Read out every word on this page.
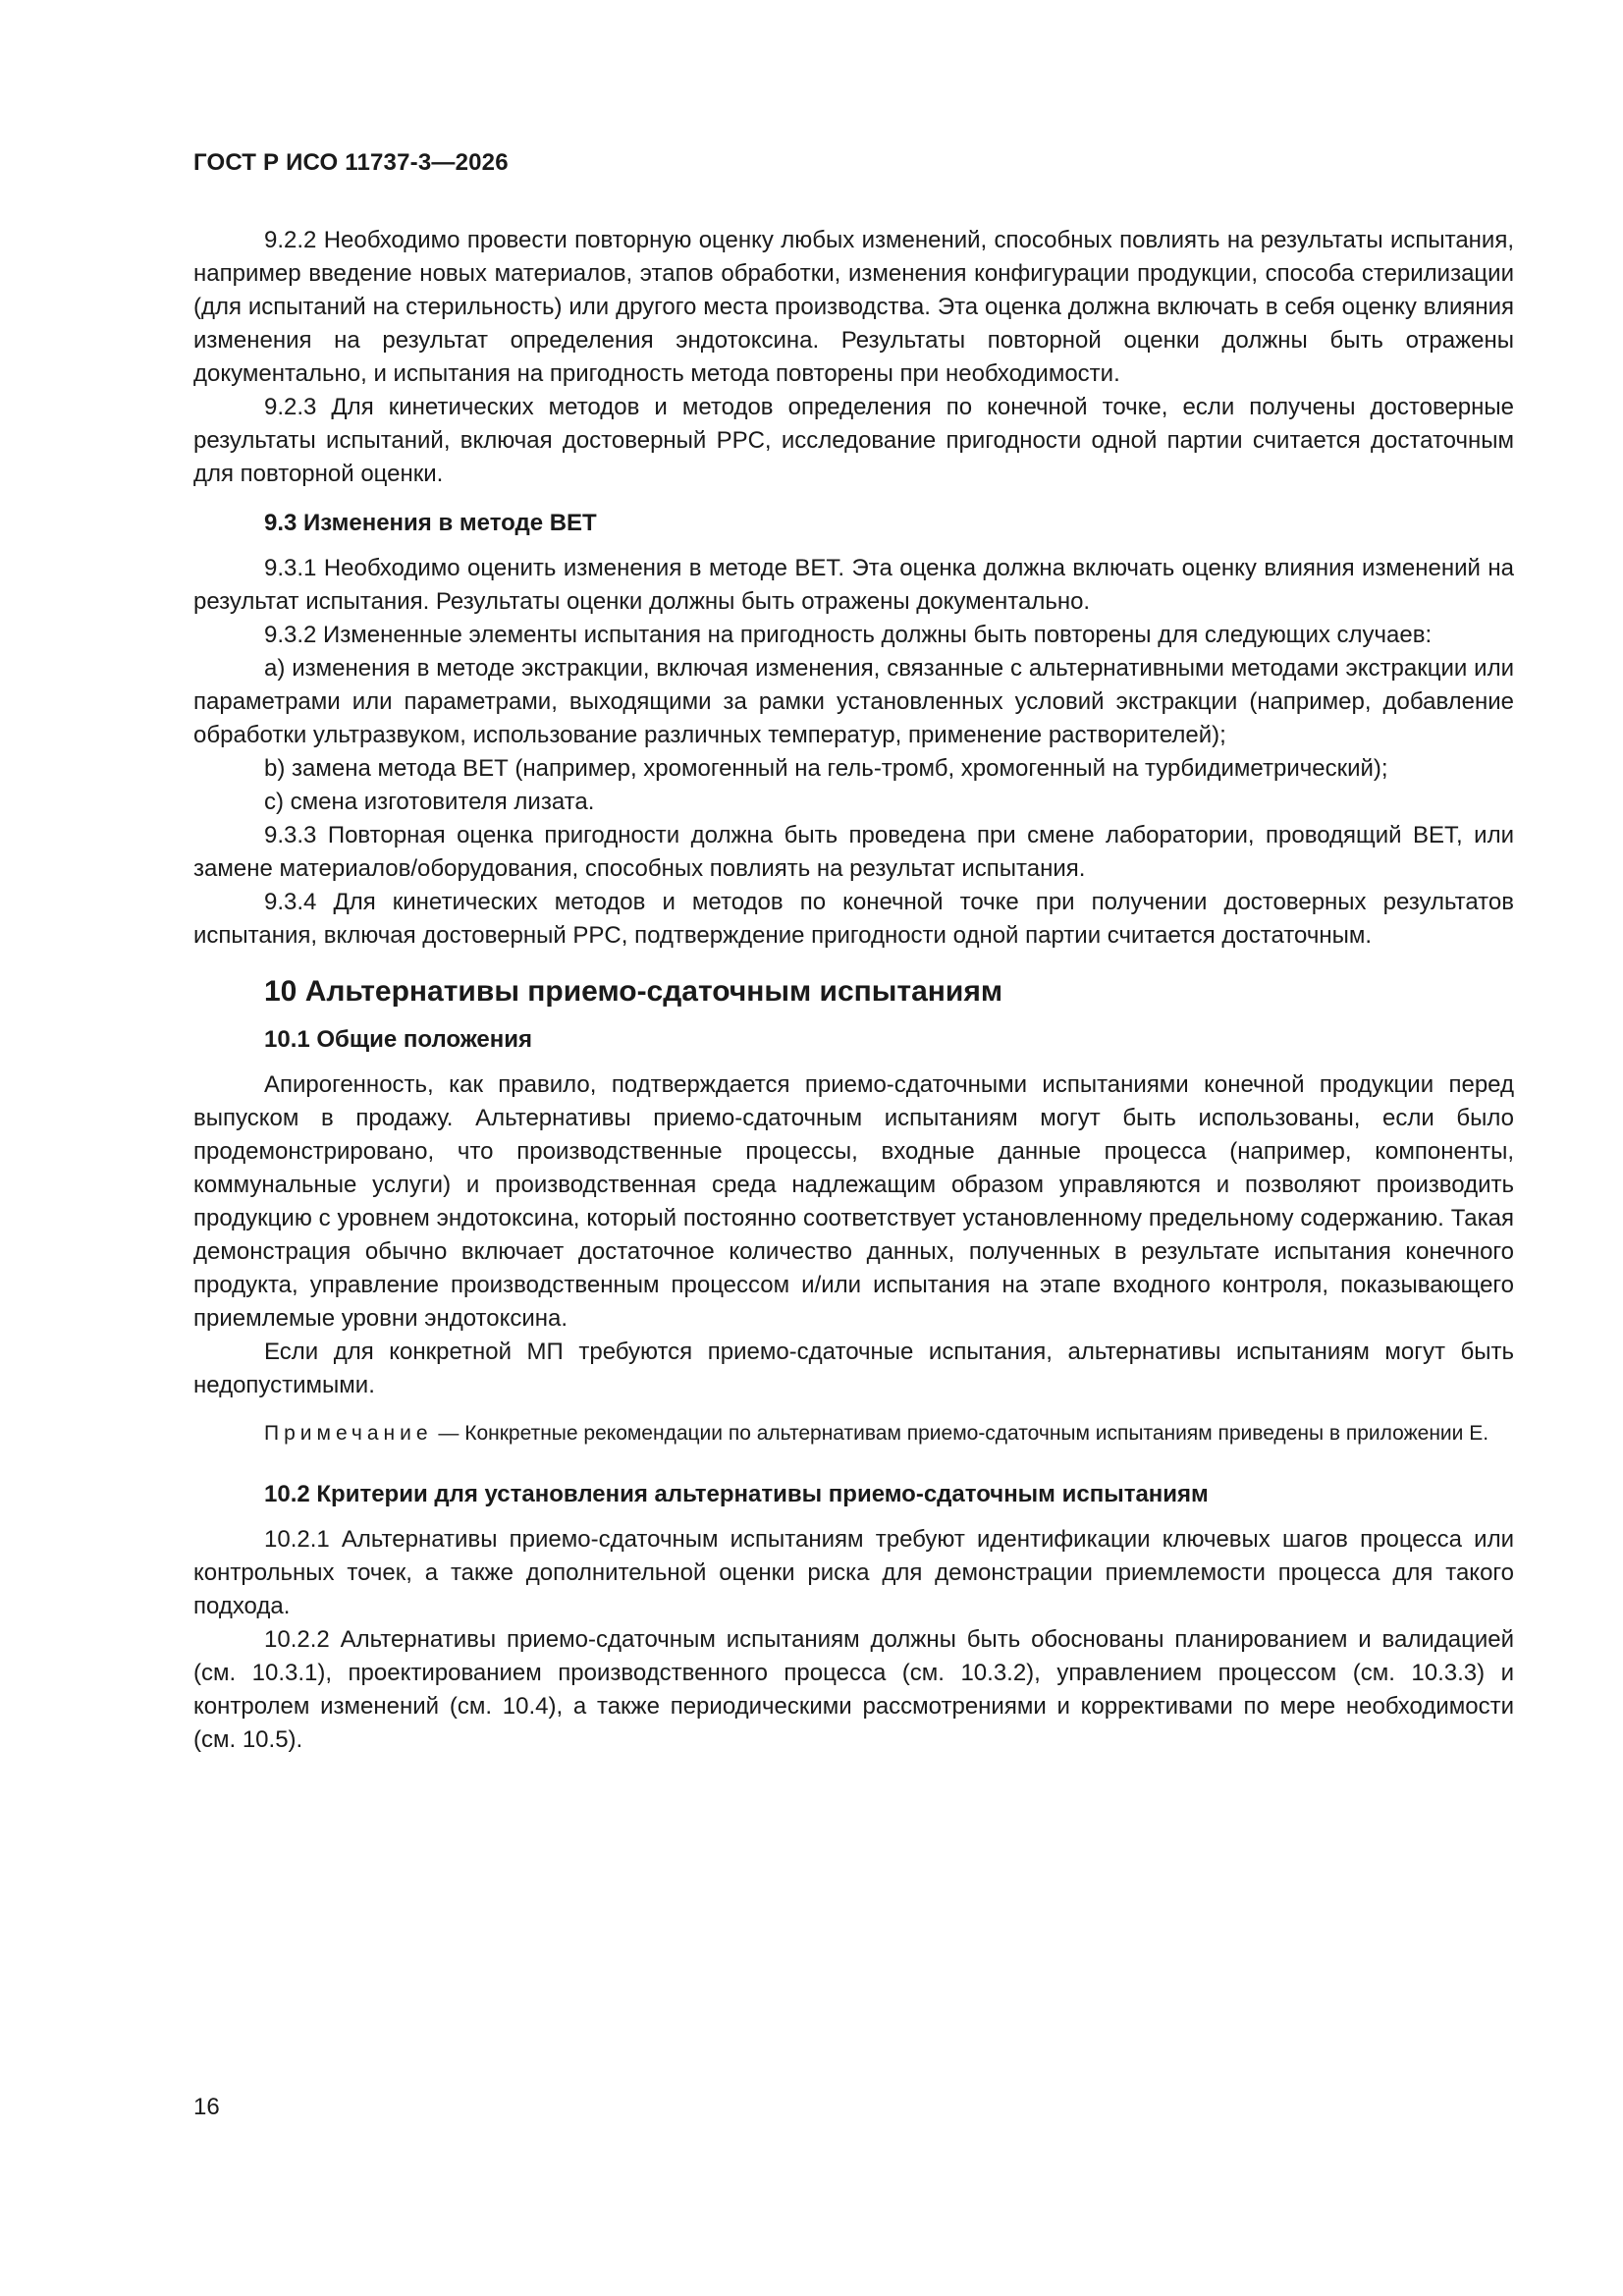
ГОСТ Р ИСО 11737-3—2026

9.2.2 Необходимо провести повторную оценку любых изменений, способных повлиять на результаты испытания, например введение новых материалов, этапов обработки, изменения конфигурации продукции, способа стерилизации (для испытаний на стерильность) или другого места производства. Эта оценка должна включать в себя оценку влияния изменения на результат определения эндотоксина. Результаты повторной оценки должны быть отражены документально, и испытания на пригодность метода повторены при необходимости.

9.2.3 Для кинетических методов и методов определения по конечной точке, если получены достоверные результаты испытаний, включая достоверный PPC, исследование пригодности одной партии считается достаточным для повторной оценки.

9.3 Изменения в методе ВЕТ

9.3.1 Необходимо оценить изменения в методе ВЕТ. Эта оценка должна включать оценку влияния изменений на результат испытания. Результаты оценки должны быть отражены документально.

9.3.2 Измененные элементы испытания на пригодность должны быть повторены для следующих случаев:

a) изменения в методе экстракции, включая изменения, связанные с альтернативными методами экстракции или параметрами или параметрами, выходящими за рамки установленных условий экстракции (например, добавление обработки ультразвуком, использование различных температур, применение растворителей);

b) замена метода ВЕТ (например, хромогенный на гель-тромб, хромогенный на турбидиметрический);

c) смена изготовителя лизата.

9.3.3 Повторная оценка пригодности должна быть проведена при смене лаборатории, проводящий ВЕТ, или замене материалов/оборудования, способных повлиять на результат испытания.

9.3.4 Для кинетических методов и методов по конечной точке при получении достоверных результатов испытания, включая достоверный PPC, подтверждение пригодности одной партии считается достаточным.

10 Альтернативы приемо-сдаточным испытаниям
10.1 Общие положения

Апирогенность, как правило, подтверждается приемо-сдаточными испытаниями конечной продукции перед выпуском в продажу. Альтернативы приемо-сдаточным испытаниям могут быть использованы, если было продемонстрировано, что производственные процессы, входные данные процесса (например, компоненты, коммунальные услуги) и производственная среда надлежащим образом управляются и позволяют производить продукцию с уровнем эндотоксина, который постоянно соответствует установленному предельному содержанию. Такая демонстрация обычно включает достаточное количество данных, полученных в результате испытания конечного продукта, управление производственным процессом и/или испытания на этапе входного контроля, показывающего приемлемые уровни эндотоксина.

Если для конкретной МП требуются приемо-сдаточные испытания, альтернативы испытаниям могут быть недопустимыми.

Примечание — Конкретные рекомендации по альтернативам приемо-сдаточным испытаниям приведены в приложении Е.

10.2 Критерии для установления альтернативы приемо-сдаточным испытаниям

10.2.1 Альтернативы приемо-сдаточным испытаниям требуют идентификации ключевых шагов процесса или контрольных точек, а также дополнительной оценки риска для демонстрации приемлемости процесса для такого подхода.

10.2.2 Альтернативы приемо-сдаточным испытаниям должны быть обоснованы планированием и валидацией (см. 10.3.1), проектированием производственного процесса (см. 10.3.2), управлением процессом (см. 10.3.3) и контролем изменений (см. 10.4), а также периодическими рассмотрениями и коррективами по мере необходимости (см. 10.5).

16
